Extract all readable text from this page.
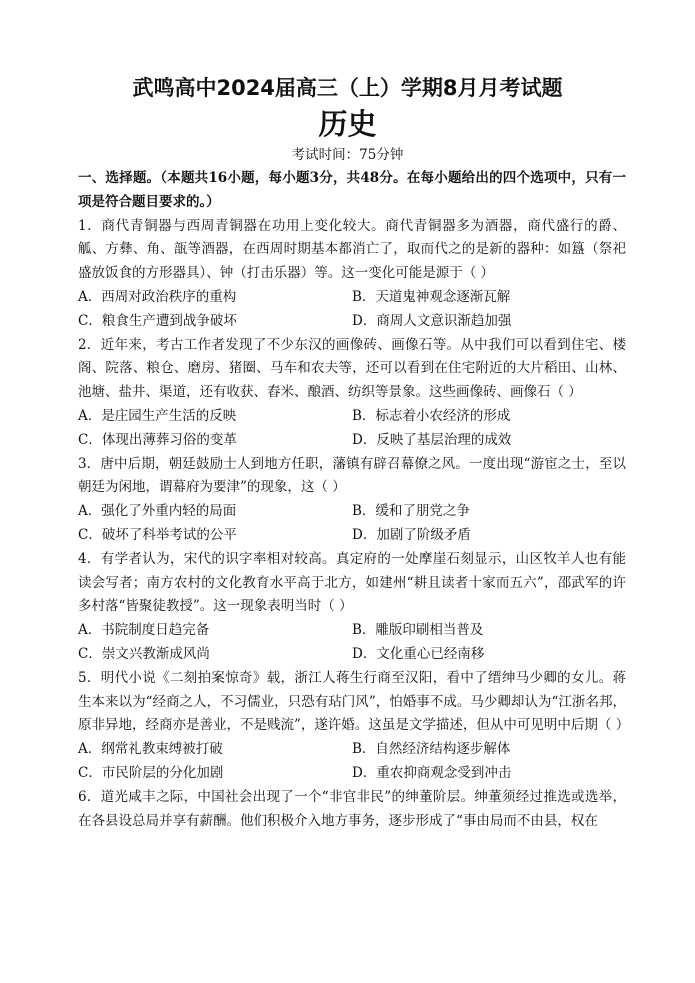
武鸣高中2024届高三（上）学期8月月考试题
历史
考试时间：75分钟

一、选择题。（本题共16小题，每小题3分，共48分。在每小题给出的四个选项中，只有一项是符合题目要求的。）

1．商代青铜器与西周青铜器在功用上变化较大。商代青铜器多为酒器，商代盛行的爵、觚、方彝、角、瓿等酒器，在西周时期基本都消亡了，取而代之的是新的器种：如簋（祭祀盛放饭食的方形器具）、钟（打击乐器）等。这一变化可能是源于（ ）

A．西周对政治秩序的重构	B．天道鬼神观念逐渐瓦解
C．粮食生产遭到战争破坏	D．商周人文意识渐趋加强

2．近年来，考古工作者发现了不少东汉的画像砖、画像石等。从中我们可以看到住宅、楼阁、院落、粮仓、磨房、猪圈、马车和农夫等，还可以看到在住宅附近的大片稻田、山林、池塘、盐井、渠道，还有收获、舂米、酿酒、纺织等景象。这些画像砖、画像石（ ）

A．是庄园生产生活的反映	B．标志着小农经济的形成
C．体现出薄葬习俗的变革	D．反映了基层治理的成效

3．唐中后期，朝廷鼓励士人到地方任职，藩镇有辟召幕僚之风。一度出现“游宦之士，至以朝廷为闲地，谓幕府为要津”的现象，这（ ）

A．强化了外重内轻的局面	B．缓和了朋党之争
C．破坏了科举考试的公平	D．加剧了阶级矛盾

4．有学者认为，宋代的识字率相对较高。真定府的一处摩崖石刻显示，山区牧羊人也有能读会写者；南方农村的文化教育水平高于北方，如建州“耕且读者十家而五六”，邵武军的许多村落“皆聚徒教授”。这一现象表明当时（ ）

A．书院制度日趋完备	B．雕版印刷相当普及
C．崇文兴教渐成风尚	D．文化重心已经南移

5．明代小说《二刻拍案惊奇》载，浙江人蒋生行商至汉阳，看中了缙绅马少卿的女儿。蒋生本来以为“经商之人，不习儒业，只恐有玷门风”，怕婚事不成。马少卿却认为“江浙名邦，原非异地，经商亦是善业，不是贱流”，遂许婚。这虽是文学描述，但从中可见明中后期（ ）

A．纲常礼教束缚被打破	B．自然经济结构逐步解体
C．市民阶层的分化加剧	D．重农抑商观念受到冲击

6．道光咸丰之际，中国社会出现了一个“非官非民”的绅董阶层。绅董须经过推选或选举，在各县设总局并享有薪酬。他们积极介入地方事务，逐步形成了“事由局而不由县，权在
